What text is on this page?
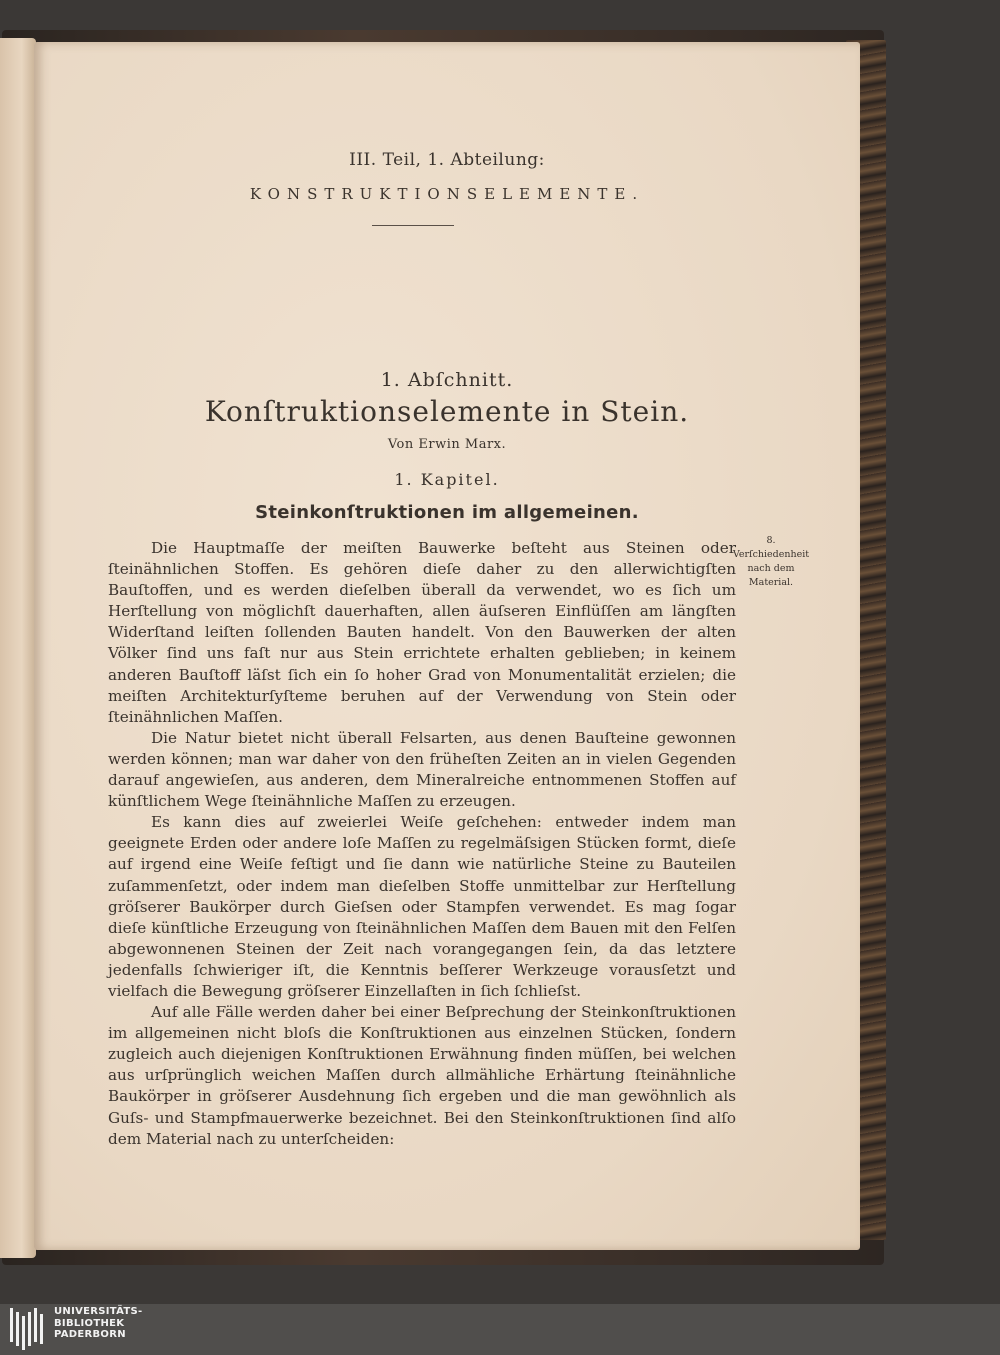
III. Teil, 1. Abteilung:
KONSTRUKTIONSELEMENTE.
1. Abſchnitt.
Konſtruktionselemente in Stein.
Von Erwin Marx.
1. Kapitel.
Steinkonſtruktionen im allgemeinen.
8.
Verſchiedenheit
nach dem
Material.

Die Hauptmaſſe der meiſten Bauwerke beſteht aus Steinen oder ſteinähnlichen Stoffen. Es gehören dieſe daher zu den allerwichtigſten Bauſtoffen, und es werden dieſelben überall da verwendet, wo es ſich um Herſtellung von möglichſt dauerhaften, allen äuſseren Einflüſſen am längſten Widerſtand leiſten ſollenden Bauten handelt. Von den Bauwerken der alten Völker ſind uns faſt nur aus Stein errichtete erhalten geblieben; in keinem anderen Bauſtoff läſst ſich ein ſo hoher Grad von Monumentalität erzielen; die meiſten Architekturſyſteme beruhen auf der Verwendung von Stein oder ſteinähnlichen Maſſen.

Die Natur bietet nicht überall Felsarten, aus denen Bauſteine gewonnen werden können; man war daher von den früheſten Zeiten an in vielen Gegenden darauf angewieſen, aus anderen, dem Mineralreiche entnommenen Stoffen auf künſtlichem Wege ſteinähnliche Maſſen zu erzeugen.

Es kann dies auf zweierlei Weiſe geſchehen: entweder indem man geeignete Erden oder andere loſe Maſſen zu regelmäſsigen Stücken formt, dieſe auf irgend eine Weiſe feſtigt und ſie dann wie natürliche Steine zu Bauteilen zuſammenſetzt, oder indem man dieſelben Stoffe unmittelbar zur Herſtellung gröſserer Baukörper durch Gieſsen oder Stampfen verwendet. Es mag ſogar dieſe künſtliche Erzeugung von ſteinähnlichen Maſſen dem Bauen mit den Felſen abgewonnenen Steinen der Zeit nach vorangegangen ſein, da das letztere jedenfalls ſchwieriger iſt, die Kenntnis beſſerer Werkzeuge vorausſetzt und vielfach die Bewegung gröſserer Einzellaſten in ſich ſchlieſst.

Auf alle Fälle werden daher bei einer Beſprechung der Steinkonſtruktionen im allgemeinen nicht bloſs die Konſtruktionen aus einzelnen Stücken, ſondern zugleich auch diejenigen Konſtruktionen Erwähnung finden müſſen, bei welchen aus urſprünglich weichen Maſſen durch allmähliche Erhärtung ſteinähnliche Baukörper in gröſserer Ausdehnung ſich ergeben und die man gewöhnlich als Guſs- und Stampfmauerwerke bezeichnet. Bei den Steinkonſtruktionen ſind alſo dem Material nach zu unterſcheiden:

UNIVERSITÄTS-
BIBLIOTHEK
PADERBORN
